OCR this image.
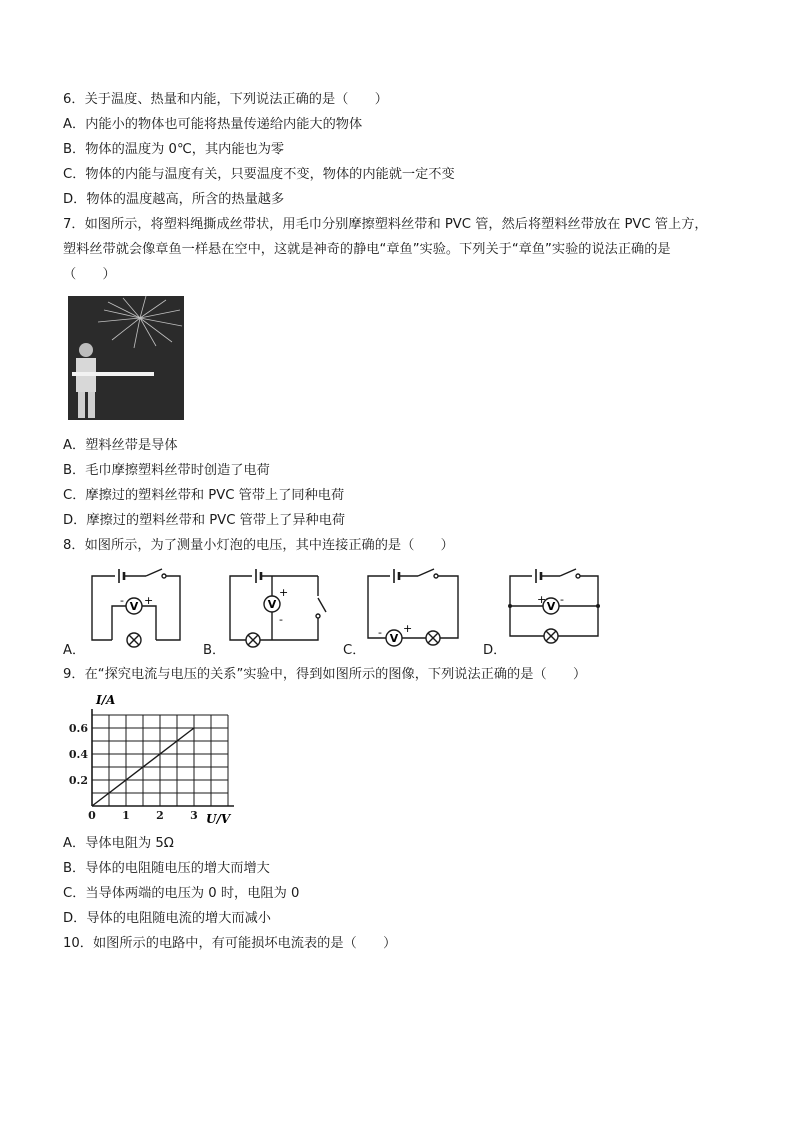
6．关于温度、热量和内能，下列说法正确的是（　　）
A．内能小的物体也可能将热量传递给内能大的物体
B．物体的温度为 0℃，其内能也为零
C．物体的内能与温度有关，只要温度不变，物体的内能就一定不变
D．物体的温度越高，所含的热量越多
7．如图所示，将塑料绳撕成丝带状，用毛巾分别摩擦塑料丝带和 PVC 管，然后将塑料丝带放在 PVC 管上方，
塑料丝带就会像章鱼一样悬在空中，这就是神奇的静电“章鱼”实验。下列关于“章鱼”实验的说法正确的是
（　　）
A．塑料丝带是导体
B．毛巾摩擦塑料丝带时创造了电荷
C．摩擦过的塑料丝带和 PVC 管带上了同种电荷
D．摩擦过的塑料丝带和 PVC 管带上了异种电荷
8．如图所示，为了测量小灯泡的电压，其中连接正确的是（　　）
V
- +	V
+
-
V
- +
V
+ -
A．	B．	C．	D．
9．在“探究电流与电压的关系”实验中，得到如图所示的图像，下列说法正确的是（　　）
0 1 2 3
0.2
0.4
0.6
I/A
U/V
A．导体电阻为 5Ω
B．导体的电阻随电压的增大而增大
C．当导体两端的电压为 0 时，电阻为 0
D．导体的电阻随电流的增大而减小
10．如图所示的电路中，有可能损坏电流表的是（　　）
